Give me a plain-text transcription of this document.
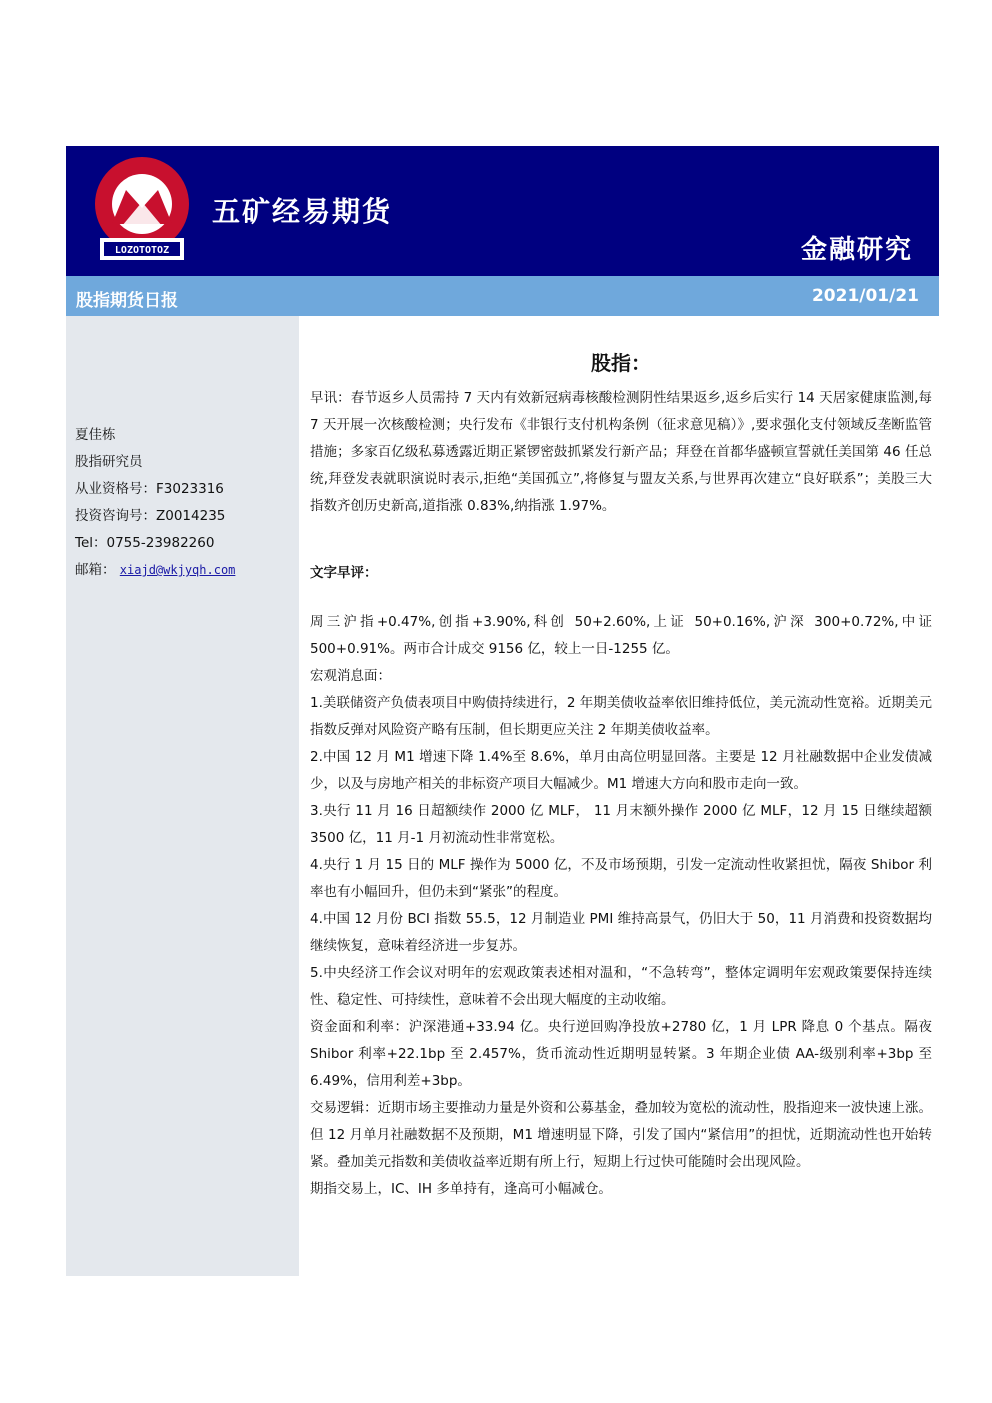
LOZOTOTOZ
五矿经易期货
金融研究
股指期货日报	2021/01/21
夏佳栋
股指研究员
从业资格号：F3023316
投资咨询号：Z0014235
Tel：0755-23982260
邮箱： xiajd@wkjyqh.com
股指：

早讯：春节返乡人员需持 7 天内有效新冠病毒核酸检测阴性结果返乡,返乡后实行 14 天居家健康监测,每 7 天开展一次核酸检测；央行发布《非银行支付机构条例（征求意见稿）》,要求强化支付领域反垄断监管措施；多家百亿级私募透露近期正紧锣密鼓抓紧发行新产品；拜登在首都华盛顿宣誓就任美国第 46 任总统,拜登发表就职演说时表示,拒绝“美国孤立”,将修复与盟友关系,与世界再次建立“良好联系”；美股三大指数齐创历史新高,道指涨 0.83%,纳指涨 1.97%。

文字早评：

周三沪指+0.47%,创指+3.90%,科创 50+2.60%,上证 50+0.16%,沪深 300+0.72%,中证 500+0.91%。两市合计成交 9156 亿，较上一日-1255 亿。

宏观消息面：

1.美联储资产负债表项目中购债持续进行，2 年期美债收益率依旧维持低位，美元流动性宽裕。近期美元指数反弹对风险资产略有压制，但长期更应关注 2 年期美债收益率。

2.中国 12 月 M1 增速下降 1.4%至 8.6%，单月由高位明显回落。主要是 12 月社融数据中企业发债减少，以及与房地产相关的非标资产项目大幅减少。M1 增速大方向和股市走向一致。

3.央行 11 月 16 日超额续作 2000 亿 MLF， 11 月末额外操作 2000 亿 MLF，12 月 15 日继续超额 3500 亿，11 月-1 月初流动性非常宽松。

4.央行 1 月 15 日的 MLF 操作为 5000 亿，不及市场预期，引发一定流动性收紧担忧，隔夜 Shibor 利率也有小幅回升，但仍未到“紧张”的程度。

4.中国 12 月份 BCI 指数 55.5，12 月制造业 PMI 维持高景气，仍旧大于 50，11 月消费和投资数据均继续恢复，意味着经济进一步复苏。

5.中央经济工作会议对明年的宏观政策表述相对温和，“不急转弯”，整体定调明年宏观政策要保持连续性、稳定性、可持续性，意味着不会出现大幅度的主动收缩。

资金面和利率：沪深港通+33.94 亿。央行逆回购净投放+2780 亿，1 月 LPR 降息 0 个基点。隔夜 Shibor 利率+22.1bp 至 2.457%，货币流动性近期明显转紧。3 年期企业债 AA-级别利率+3bp 至 6.49%，信用利差+3bp。

交易逻辑：近期市场主要推动力量是外资和公募基金，叠加较为宽松的流动性，股指迎来一波快速上涨。但 12 月单月社融数据不及预期，M1 增速明显下降，引发了国内“紧信用”的担忧，近期流动性也开始转紧。叠加美元指数和美债收益率近期有所上行，短期上行过快可能随时会出现风险。

期指交易上，IC、IH 多单持有，逢高可小幅减仓。
